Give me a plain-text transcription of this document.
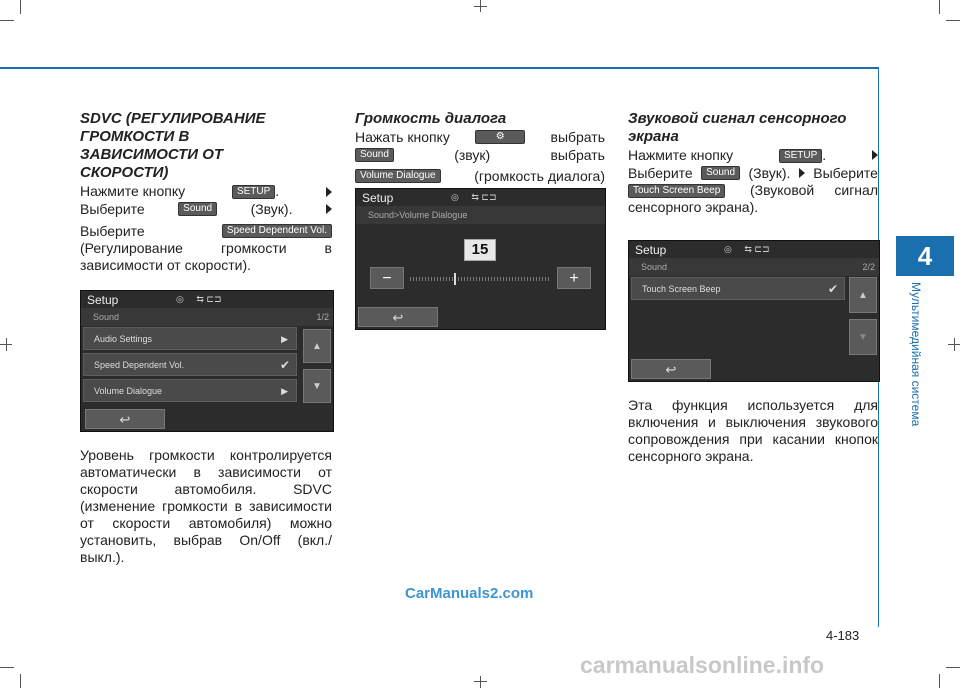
4
Мультимедийная система
SDVC (РЕГУЛИРОВАНИЕ ГРОМКОСТИ В ЗАВИСИМОСТИ ОТ СКОРОСТИ)
Нажмите кнопку	SETUP .
Выберите	Sound	(Звук).
Выберите	Speed Dependent Vol.
(Регулирование громкости в зависимости от скорости).
Setup	◎     ⇆ ⊏⊐
Sound	1/2
Audio Settings	▶
Speed Dependent Vol.	✔
Volume Dialogue	▶
▲
▼
↩
Уровень громкости контролируется автоматически в зависимости от скорости автомобиля. SDVC (изменение громкости в зависимости от скорости автомобиля) можно установить, выбрав On/Off (вкл./выкл.).
Громкость диалога
Нажать кнопку	⚙	выбрать
Sound	(звук)	выбрать
Volume Dialogue	(громкость диалога)
Setup	◎     ⇆ ⊏⊐
Sound>Volume Dialogue
15
−	+
↩
Звуковой сигнал сенсорного экрана
Нажмите кнопку	SETUP .
Выберите	Sound (Звук). Выберите
Touch Screen Beep	(Звуковой сигнал сенсорного экрана).
Setup	◎     ⇆ ⊏⊐
Sound	2/2
Touch Screen Beep	✔	▲
▼
↩
Эта функция используется для включения и выключения звукового сопровождения при касании кнопок сенсорного экрана.
CarManuals2.com
4-183
carmanualsonline.info
